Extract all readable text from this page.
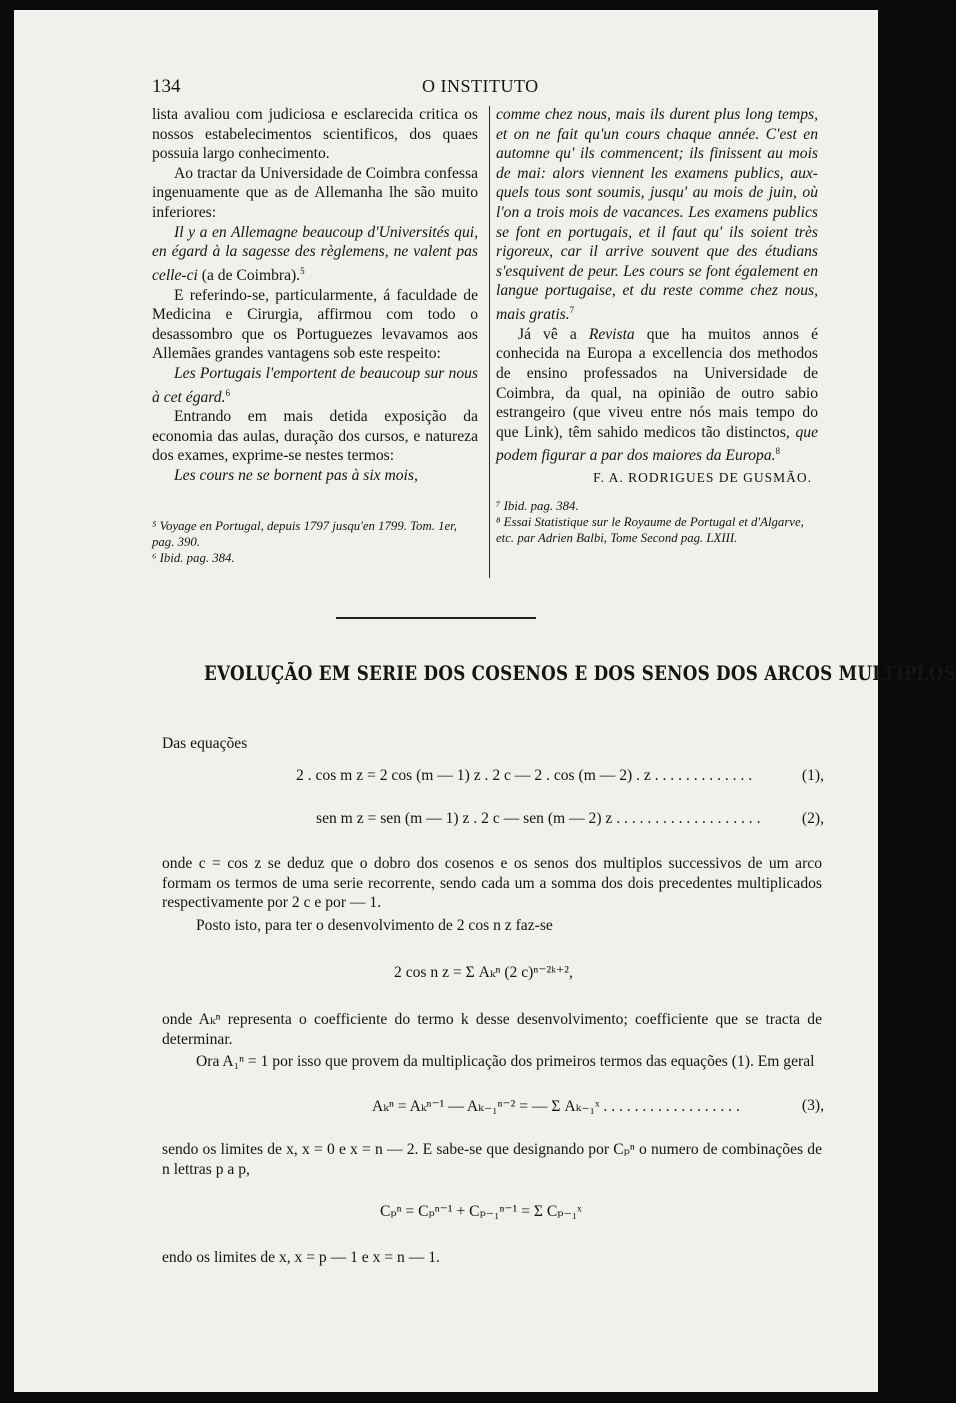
134	O INSTITUTO

lista avaliou com judiciosa e esclarecida critica os nossos estabelecimentos scientificos, dos quaes possuia largo conhecimento.

Ao tractar da Universidade de Coimbra confessa ingenuamente que as de Allemanha lhe são muito inferiores:

Il y a en Allemagne beaucoup d'Universités qui, en égard à la sagesse des règlemens, ne valent pas celle-ci (a de Coimbra).$^5$

E referindo-se, particularmente, á faculdade de Medicina e Cirurgia, affirmou com todo o desassombro que os Portuguezes levavamos aos Allemães grandes vantagens sob este respeito:

Les Portugais l'emportent de beaucoup sur nous à cet égard.$^6$

Entrando em mais detida exposição da economia das aulas, duração dos cursos, e natureza dos exames, exprime-se nestes termos:

Les cours ne se bornent pas à six mois,

comme chez nous, mais ils durent plus long temps, et on ne fait qu'un cours chaque année. C'est en automne qu' ils commencent; ils finissent au mois de mai: alors viennent les examens publics, aux-quels tous sont soumis, jusqu' au mois de juin, où l'on a trois mois de vacances. Les examens publics se font en portugais, et il faut qu' ils soient très rigoreux, car il arrive souvent que des étudians s'esquivent de peur. Les cours se font également en langue portugaise, et du reste comme chez nous, mais gratis.$^7$

Já vê a Revista que ha muitos annos é conhecida na Europa a excellencia dos methodos de ensino professados na Universidade de Coimbra, da qual, na opinião de outro sabio estrangeiro (que viveu entre nós mais tempo do que Link), têm sahido medicos tão distinctos, que podem figurar a par dos maiores da Europa.$^8$

F. A. RODRIGUES DE GUSMÃO.

⁵ Voyage en Portugal, depuis 1797 jusqu'en 1799. Tom. 1er, pag. 390.

⁶ Ibid. pag. 384.

⁷ Ibid. pag. 384.

⁸ Essai Statistique sur le Royaume de Portugal et d'Algarve, etc. par Adrien Balbi, Tome Second pag. LXIII.

EVOLUÇÃO EM SERIE DOS COSENOS E DOS SENOS DOS ARCOS MULTIPLOS
Das equações
2 . cos m z = 2 cos (m — 1) z . 2 c — 2 . cos (m — 2) . z . . . . . . . . . . . . .	(1),
sen m z = sen (m — 1) z . 2 c — sen (m — 2) z . . . . . . . . . . . . . . . . . . .	(2),
onde c = cos z se deduz que o dobro dos cosenos e os senos dos multiplos successivos de um arco formam os termos de uma serie recorrente, sendo cada um a somma dos dois precedentes multiplicados respectivamente por 2 c e por — 1.
Posto isto, para ter o desenvolvimento de 2 cos n z faz-se
2 cos n z = Σ Aₖⁿ (2 c)ⁿ⁻²ᵏ⁺²,
onde Aₖⁿ representa o coefficiente do termo k desse desenvolvimento; coefficiente que se tracta de determinar.
Ora A₁ⁿ = 1 por isso que provem da multiplicação dos primeiros termos das equações (1). Em geral
Aₖⁿ = Aₖⁿ⁻¹ — Aₖ₋₁ⁿ⁻² = — Σ Aₖ₋₁ˣ . . . . . . . . . . . . . . . . . .	(3),
sendo os limites de x, x = 0 e x = n — 2. E sabe-se que designando por Cₚⁿ o numero de combinações de n lettras p a p,
Cₚⁿ = Cₚⁿ⁻¹ + Cₚ₋₁ⁿ⁻¹ = Σ Cₚ₋₁ˣ
endo os limites de x, x = p — 1 e x = n — 1.
